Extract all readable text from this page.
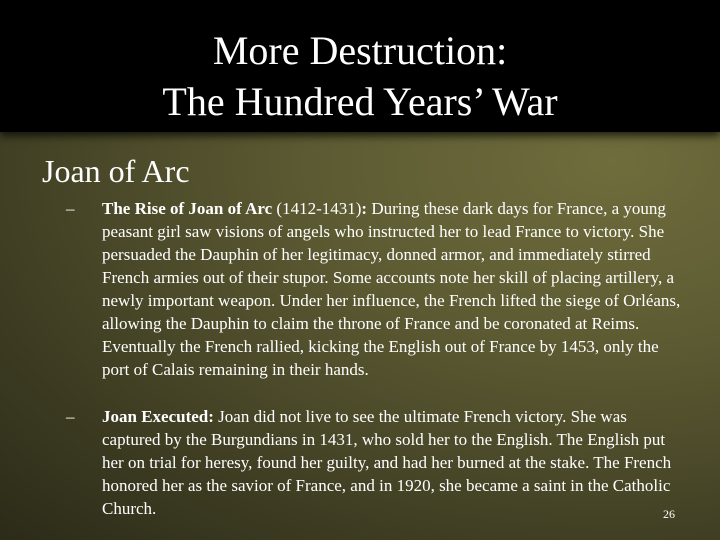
More Destruction:
The Hundred Years’ War
Joan of Arc
– The Rise of Joan of Arc (1412-1431): During these dark days for France, a young peasant girl saw visions of angels who instructed her to lead France to victory. She persuaded the Dauphin of her legitimacy, donned armor, and immediately stirred French armies out of their stupor. Some accounts note her skill of placing artillery, a newly important weapon. Under her influence, the French lifted the siege of Orléans, allowing the Dauphin to claim the throne of France and be coronated at Reims. Eventually the French rallied, kicking the English out of France by 1453, only the port of Calais remaining in their hands.
– Joan Executed: Joan did not live to see the ultimate French victory. She was captured by the Burgundians in 1431, who sold her to the English. The English put her on trial for heresy, found her guilty, and had her burned at the stake. The French honored her as the savior of France, and in 1920, she became a saint in the Catholic Church.	26
